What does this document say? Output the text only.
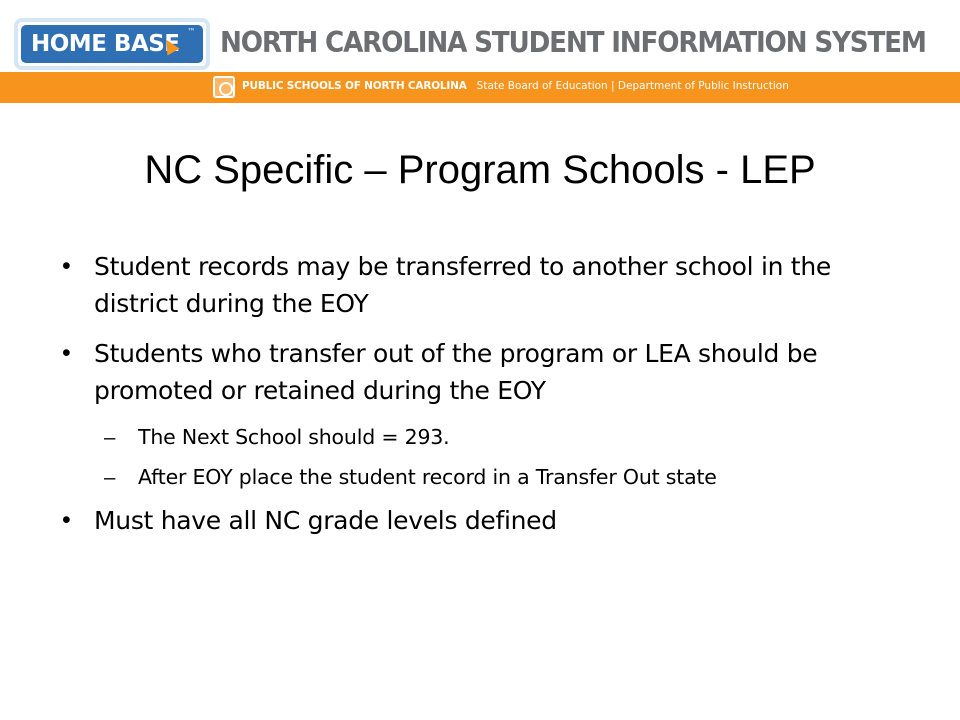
HOME BASE ™ NORTH CAROLINA STUDENT INFORMATION SYSTEM
PUBLIC SCHOOLS OF NORTH CAROLINA State Board of Education | Department of Public Instruction
NC Specific – Program Schools - LEP
• Student records may be transferred to another school in the district during the EOY
• Students who transfer out of the program or LEA should be promoted or retained during the EOY
– The Next School should = 293.
– After EOY place the student record in a Transfer Out state
• Must have all NC grade levels defined
